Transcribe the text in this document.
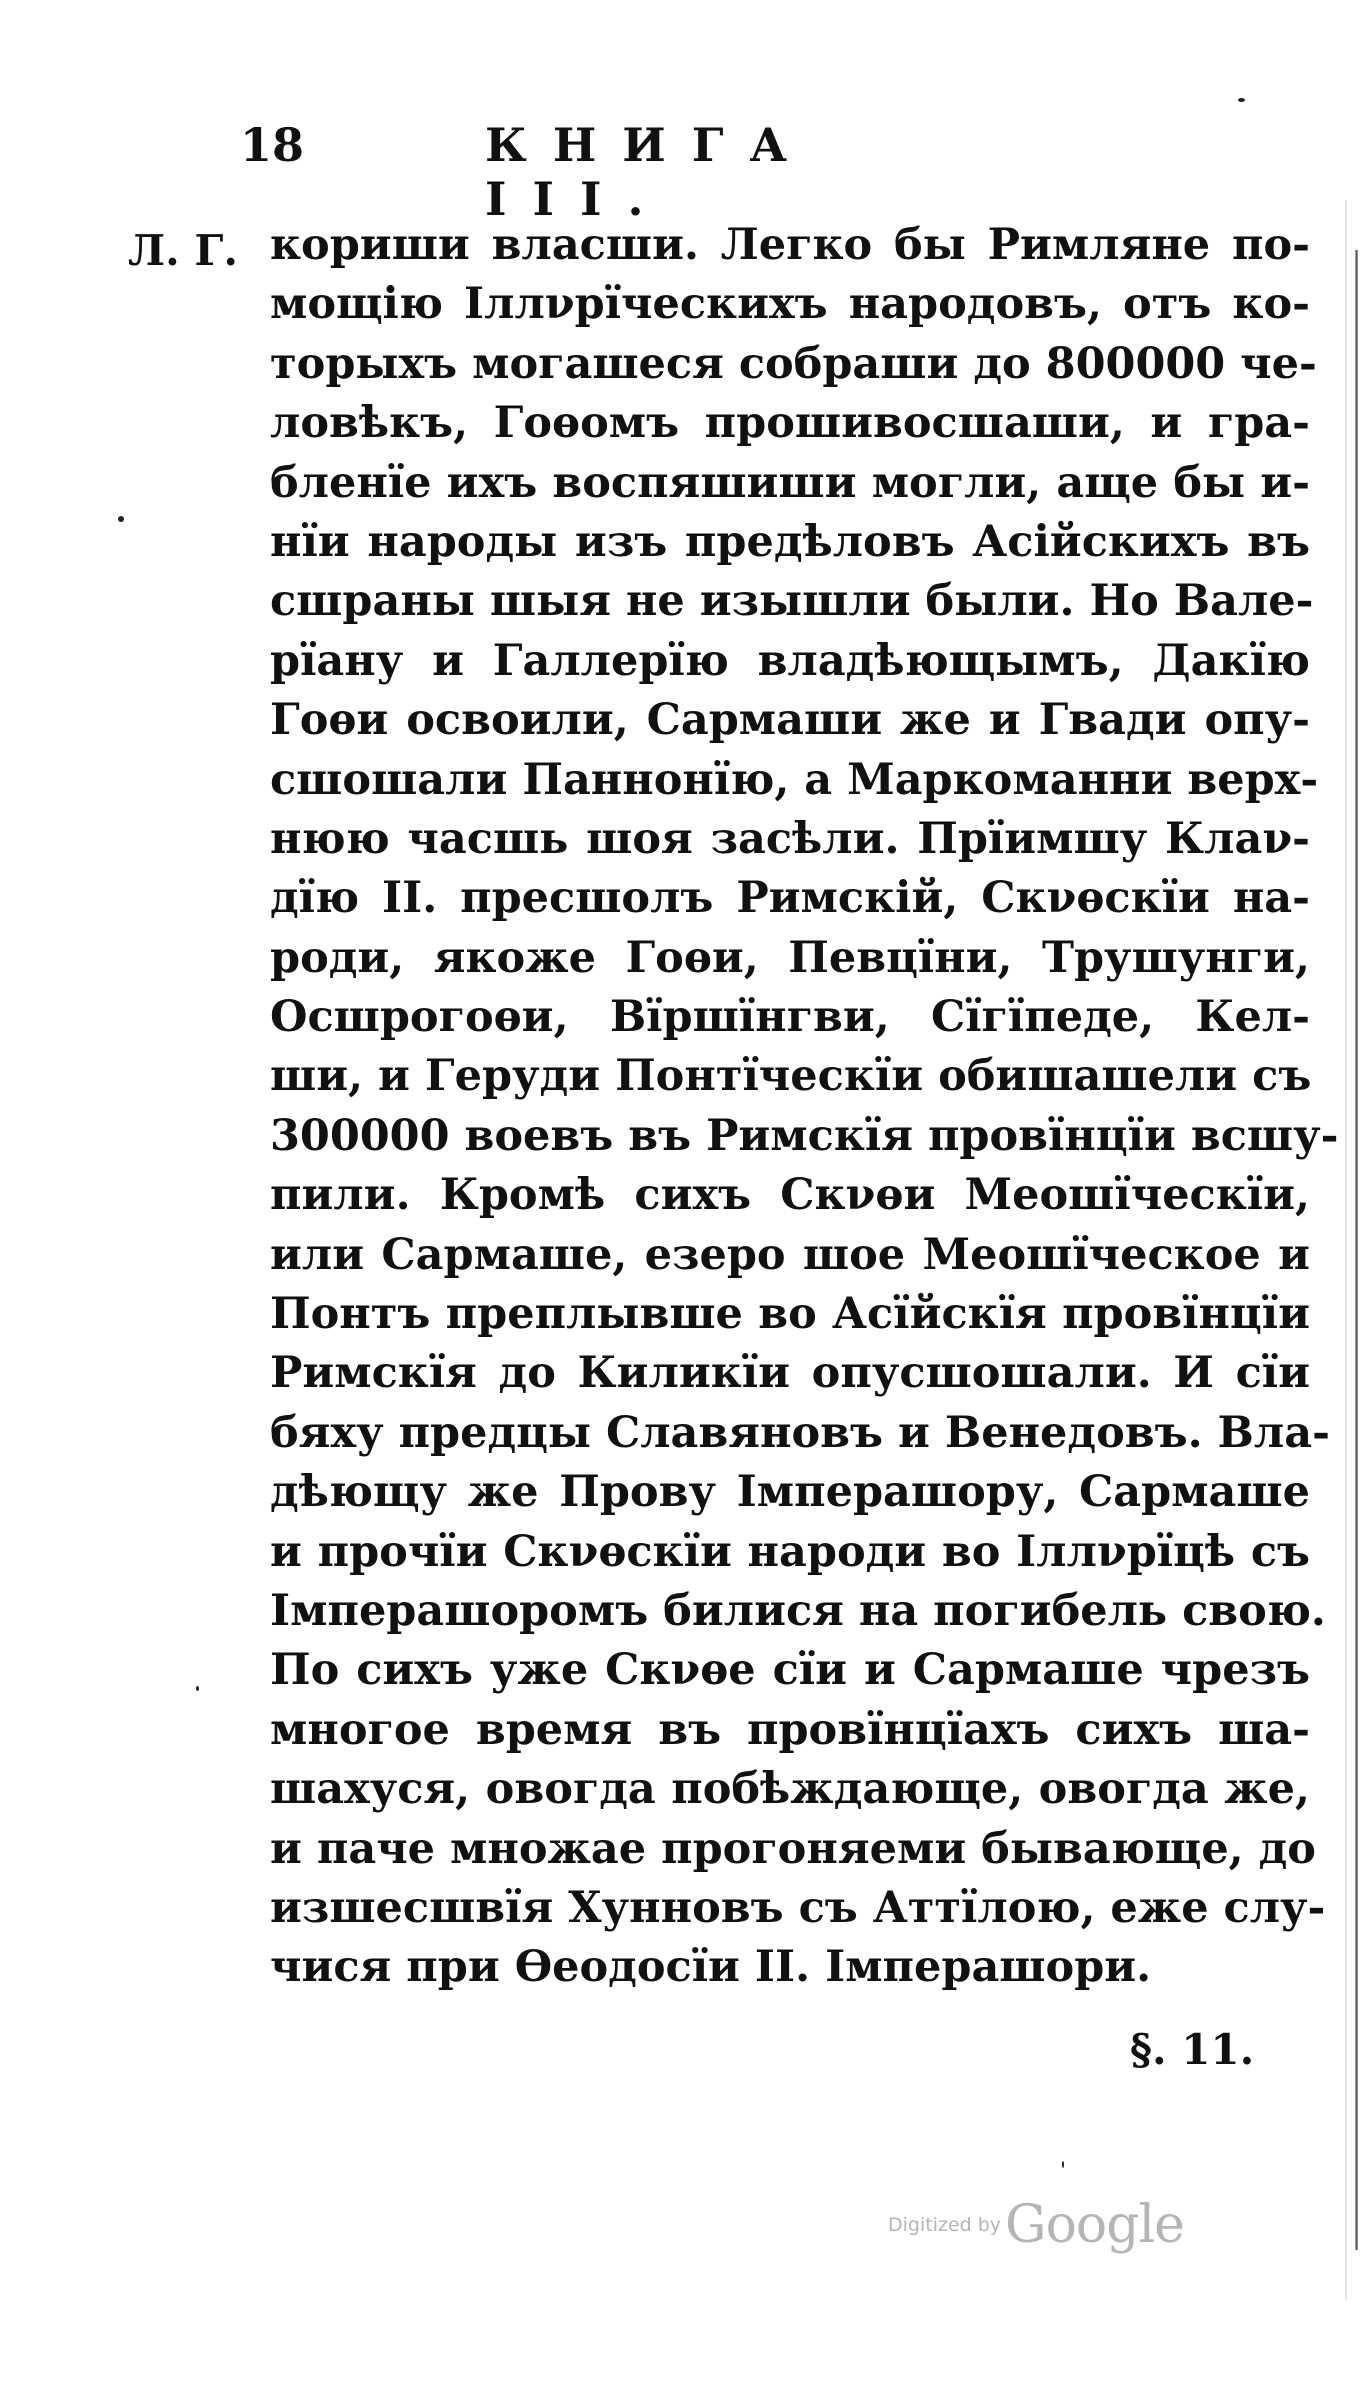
18	КНИГА III.
Л. Г. кориши власши. Легко бы Римляне по-
мощію Іллνрїческихъ народовъ, отъ ко-
торыхъ могашеся собраши до 800000 че-
ловѣкъ, Гоѳомъ прошивосшаши, и гра-
бленїе ихъ воспяшиши могли, аще бы и-
нїи народы изъ предѣловъ Асійскихъ въ
сшраны шыя не изышли были. Но Вале-
рїану и Галлерїю владѣющымъ, Дакїю
Гоѳи освоили, Сармаши же и Гвади опу-
сшошали Паннонїю, а Маркоманни верх-
нюю часшь шоя засѣли. Прїимшу Клаν-
дїю II. пресшолъ Римскій, Скνѳскїи на-
роди, якоже Гоѳи, Певцїни, Трушунги,
Осшрогоѳи, Вїршїнгви, Сїгїпеде, Кел-
ши, и Геруди Понтїческїи обишашели съ
300000 воевъ въ Римскїя провїнцїи всшу-
пили. Кромѣ сихъ Скνѳи Меошїческїи,
или Сармаше, езеро шое Меошїческое и
Понтъ преплывше во Асїйскїя провїнцїи
Римскїя до Киликїи опусшошали. И сїи
бяху предцы Славяновъ и Венедовъ. Вла-
дѣющу же Прову Імперашору, Сармаше
и прочїи Скνѳскїи народи во Іллνрїцѣ съ
Імперашоромъ билися на погибель свою.
По сихъ уже Скνѳе сїи и Сармаше чрезъ
многое время въ провїнцїахъ сихъ ша-
шахуся, овогда побѣждающе, овогда же,
и паче множае прогоняеми бывающе, до
изшесшвїя Хунновъ съ Аттїлою, еже слу-
чися при Ѳеодосїи II. Імперашори.
§. 11.
Digitized byGoogle
